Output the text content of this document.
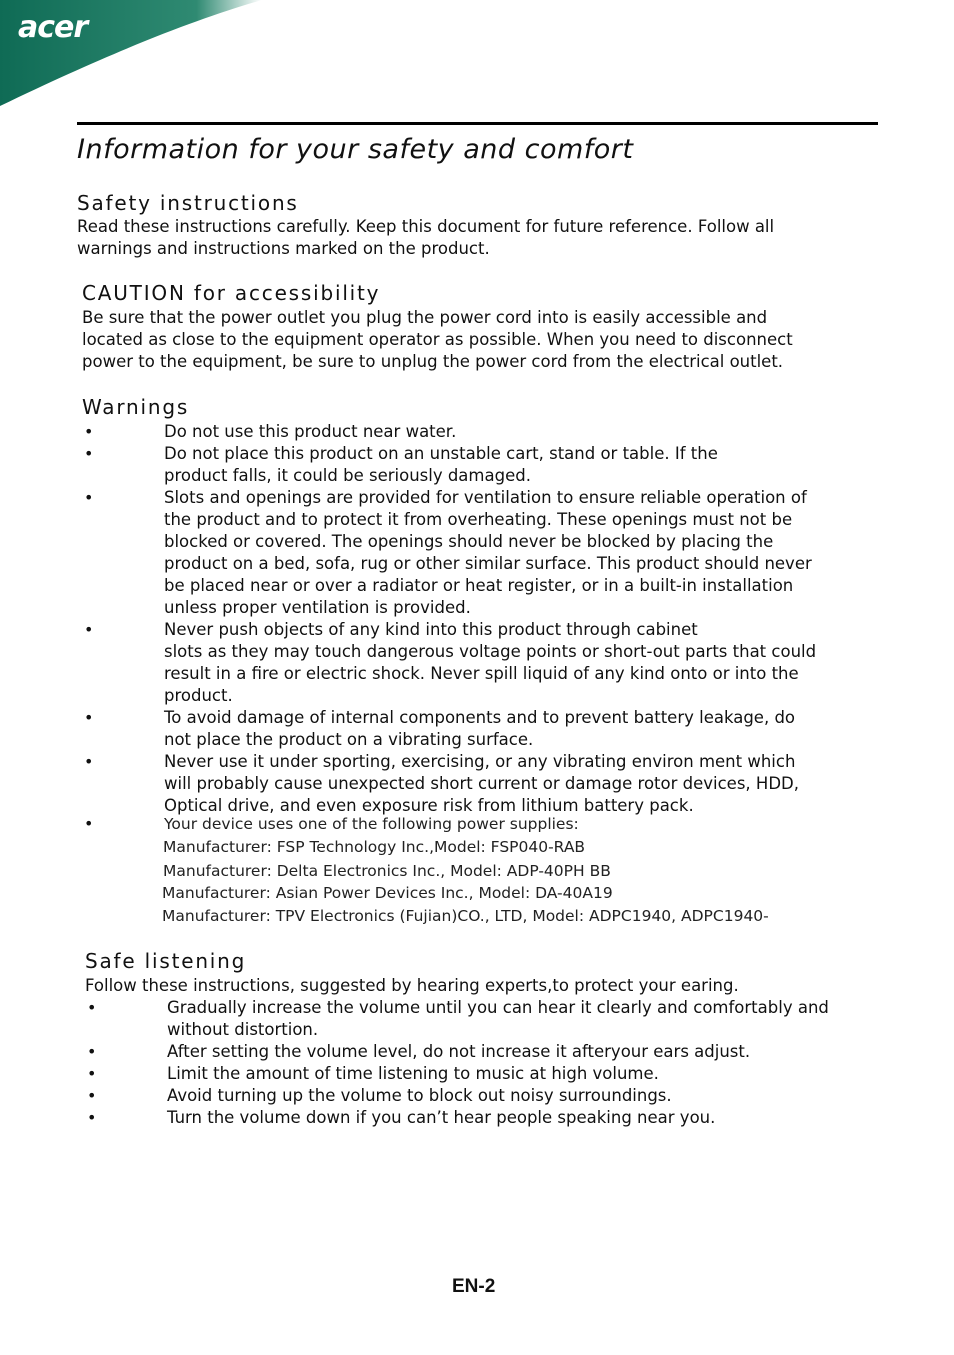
acer
Information for your safety and comfort
Safety instructions
Read these instructions carefully. Keep this document for future reference. Follow all
warnings and instructions marked on the product.
CAUTION for accessibility
Be sure that the power outlet you plug the power cord into is easily accessible and
located as close to the equipment operator as possible. When you need to disconnect
power to the equipment, be sure to unplug the power cord from the electrical outlet.
Warnings
•	Do not use this product near water.
•	Do not place this product on an unstable cart, stand or table. If the
product falls, it could be seriously damaged.
•	Slots and openings are provided for ventilation to ensure reliable operation of
the product and to protect it from overheating. These openings must not be
blocked or covered. The openings should never be blocked by placing the
product on a bed, sofa, rug or other similar surface. This product should never
be placed near or over a radiator or heat register, or in a built-in installation
unless proper ventilation is provided.
•	Never push objects of any kind into this product through cabinet
slots as they may touch dangerous voltage points or short-out parts that could
result in a fire or electric shock. Never spill liquid of any kind onto or into the
product.
•	To avoid damage of internal components and to prevent battery leakage, do
not place the product on a vibrating surface.
•	Never use it under sporting, exercising, or any vibrating environ ment which
will probably cause unexpected short current or damage rotor devices, HDD,
Optical drive, and even exposure risk from lithium battery pack.
•	Your device uses one of the following power supplies:
Manufacturer: FSP Technology Inc.,Model: FSP040-RAB
Manufacturer: Delta Electronics Inc., Model: ADP-40PH BB
Manufacturer: Asian Power Devices Inc., Model: DA-40A19
Manufacturer: TPV Electronics (Fujian)CO., LTD, Model: ADPC1940, ADPC1940-
Safe listening
Follow these instructions, suggested by hearing experts,to protect your earing.
•	Gradually increase the volume until you can hear it clearly and comfortably and
without distortion.
•	After setting the volume level, do not increase it afteryour ears adjust.
•	Limit the amount of time listening to music at high volume.
•	Avoid turning up the volume to block out noisy surroundings.
•	Turn the volume down if you can’t hear people speaking near you.
EN-2
